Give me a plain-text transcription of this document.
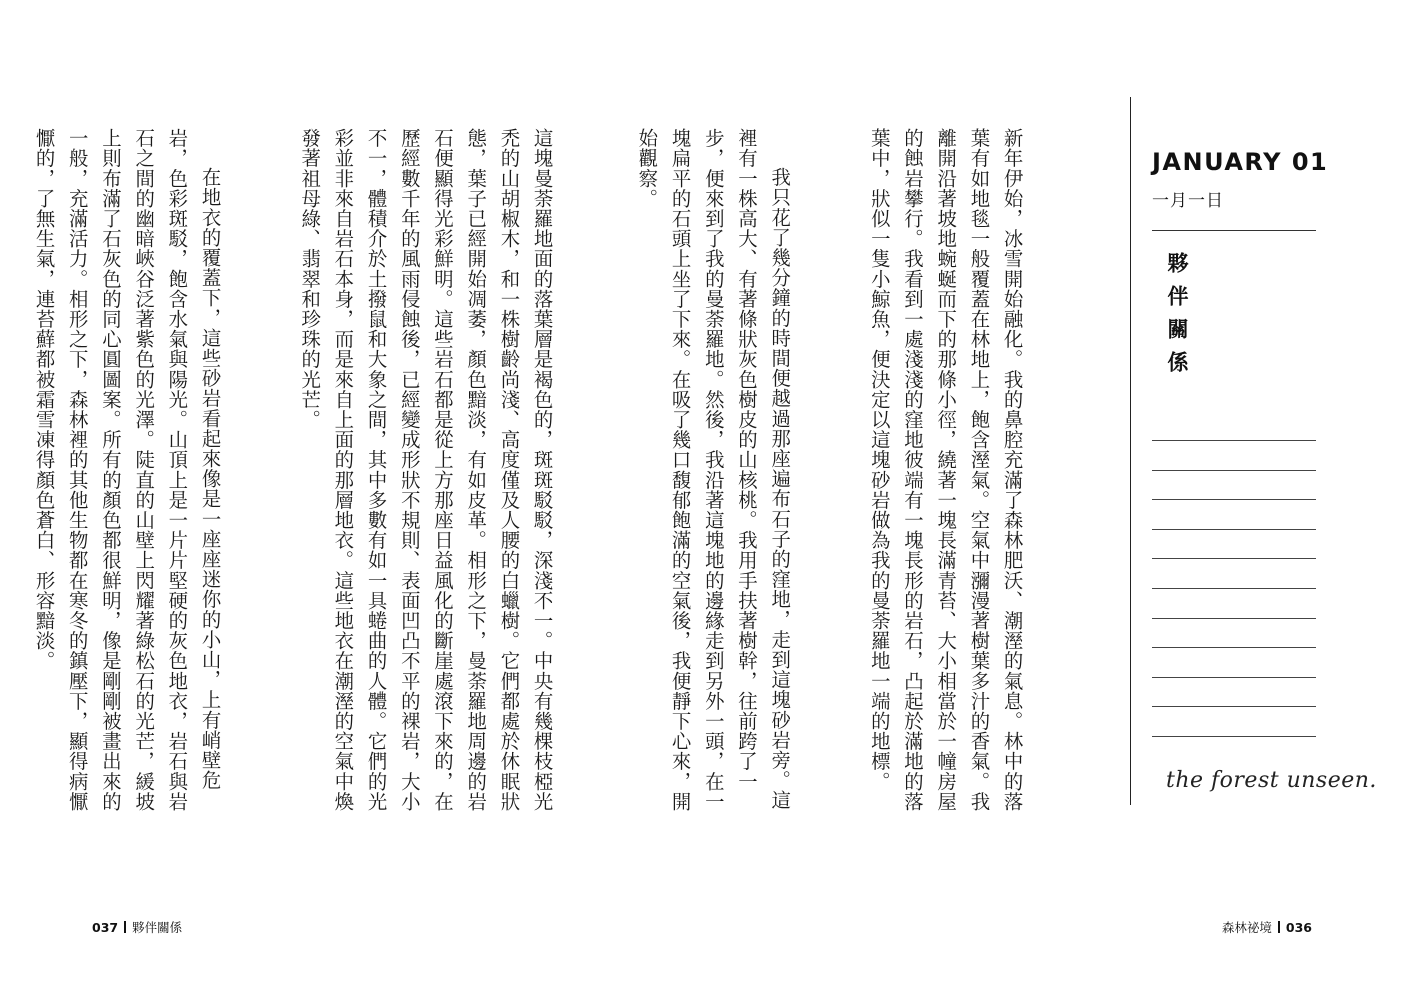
這塊曼荼羅地面的落葉層是褐色的，斑斑駁駁，深淺不一。中央有幾棵枝椏光禿的山胡椒木，和一株樹齡尚淺、高度僅及人腰的白蠟樹。它們都處於休眠狀態，葉子已經開始凋萎，顏色黯淡，有如皮革。相形之下，曼荼羅地周邊的岩石便顯得光彩鮮明。這些岩石都是從上方那座日益風化的斷崖處滾下來的，在歷經數千年的風雨侵蝕後，已經變成形狀不規則、表面凹凸不平的裸岩，大小不一，體積介於土撥鼠和大象之間，其中多數有如一具蜷曲的人體。它們的光彩並非來自岩石本身，而是來自上面的那層地衣。這些地衣在潮溼的空氣中煥發著祖母綠、翡翠和珍珠的光芒。

在地衣的覆蓋下，這些砂岩看起來像是一座座迷你的小山，上有峭壁危岩，色彩斑駁，飽含水氣與陽光。山頂上是一片片堅硬的灰色地衣，岩石與岩石之間的幽暗峽谷泛著紫色的光澤。陡直的山壁上閃耀著綠松石的光芒，緩坡上則布滿了石灰色的同心圓圖案。所有的顏色都很鮮明，像是剛剛被畫出來的一般，充滿活力。相形之下，森林裡的其他生物都在寒冬的鎮壓下，顯得病懨懨的，了無生氣，連苔蘚都被霜雪凍得顏色蒼白、形容黯淡。

	新年伊始，冰雪開始融化。我的鼻腔充滿了森林肥沃、潮溼的氣息。林中的落葉有如地毯一般覆蓋在林地上，飽含溼氣。空氣中瀰漫著樹葉多汁的香氣。我離開沿著坡地蜿蜒而下的那條小徑，繞著一塊長滿青苔、大小相當於一幢房屋的蝕岩攀行。我看到一處淺淺的窪地彼端有一塊長形的岩石，凸起於滿地的落葉中，狀似一隻小鯨魚，便決定以這塊砂岩做為我的曼荼羅地一端的地標。

我只花了幾分鐘的時間便越過那座遍布石子的窪地，走到這塊砂岩旁。這裡有一株高大、有著條狀灰色樹皮的山核桃。我用手扶著樹幹，往前跨了一步，便來到了我的曼荼羅地。然後，我沿著這塊地的邊緣走到另外一頭，在一塊扁平的石頭上坐了下來。在吸了幾口馥郁飽滿的空氣後，我便靜下心來，開始觀察。	JANUARY 01
一月一日
夥伴關係
the forest unseen.
037 夥伴關係	森林祕境 036
